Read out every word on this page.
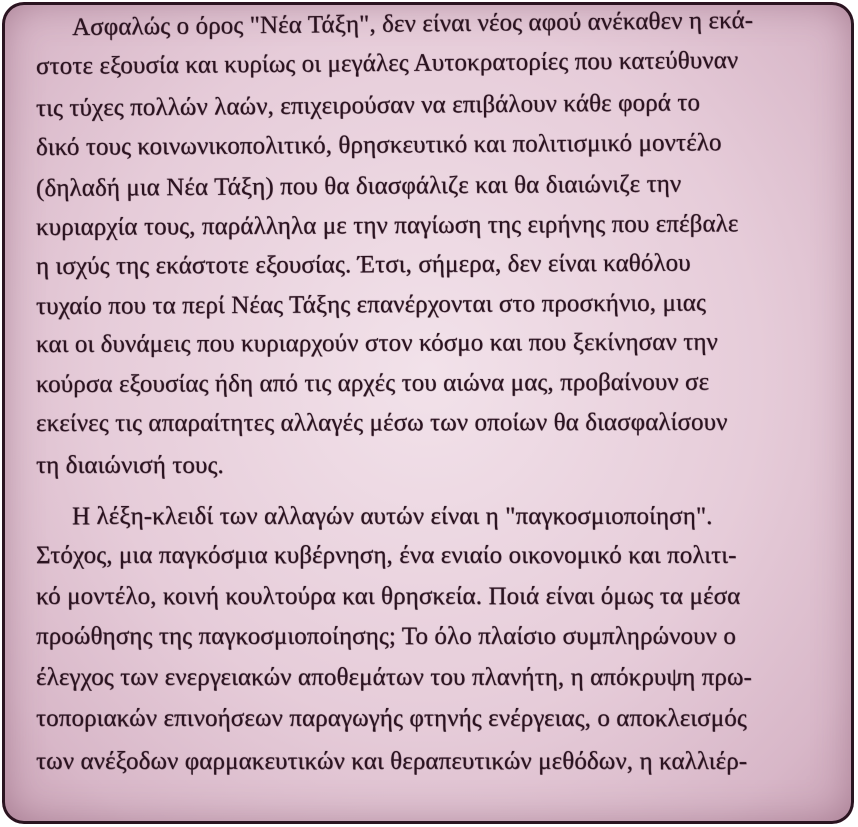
Ασφαλώς ο όρος "Νέα Τάξη", δεν είναι νέος αφού ανέκαθεν η εκά-
στοτε εξουσία και κυρίως οι μεγάλες Αυτοκρατορίες που κατεύθυναν
τις τύχες πολλών λαών, επιχειρούσαν να επιβάλουν κάθε φορά το
δικό τους κοινωνικοπολιτικό, θρησκευτικό και πολιτισμικό μοντέλο
(δηλαδή μια Νέα Τάξη) που θα διασφάλιζε και θα διαιώνιζε την
κυριαρχία τους, παράλληλα με την παγίωση της ειρήνης που επέβαλε
η ισχύς της εκάστοτε εξουσίας. Έτσι, σήμερα, δεν είναι καθόλου
τυχαίο που τα περί Νέας Τάξης επανέρχονται στο προσκήνιο, μιας
και οι δυνάμεις που κυριαρχούν στον κόσμο και που ξεκίνησαν την
κούρσα εξουσίας ήδη από τις αρχές του αιώνα μας, προβαίνουν σε
εκείνες τις απαραίτητες αλλαγές μέσω των οποίων θα διασφαλίσουν
τη διαιώνισή τους.
Η λέξη-κλειδί των αλλαγών αυτών είναι η "παγκοσμιοποίηση".
Στόχος, μια παγκόσμια κυβέρνηση, ένα ενιαίο οικονομικό και πολιτι-
κό μοντέλο, κοινή κουλτούρα και θρησκεία. Ποιά είναι όμως τα μέσα
προώθησης της παγκοσμιοποίησης; Το όλο πλαίσιο συμπληρώνουν ο
έλεγχος των ενεργειακών αποθεμάτων του πλανήτη, η απόκρυψη πρω-
τοποριακών επινοήσεων παραγωγής φτηνής ενέργειας, ο αποκλεισμός
των ανέξοδων φαρμακευτικών και θεραπευτικών μεθόδων, η καλλιέρ-
